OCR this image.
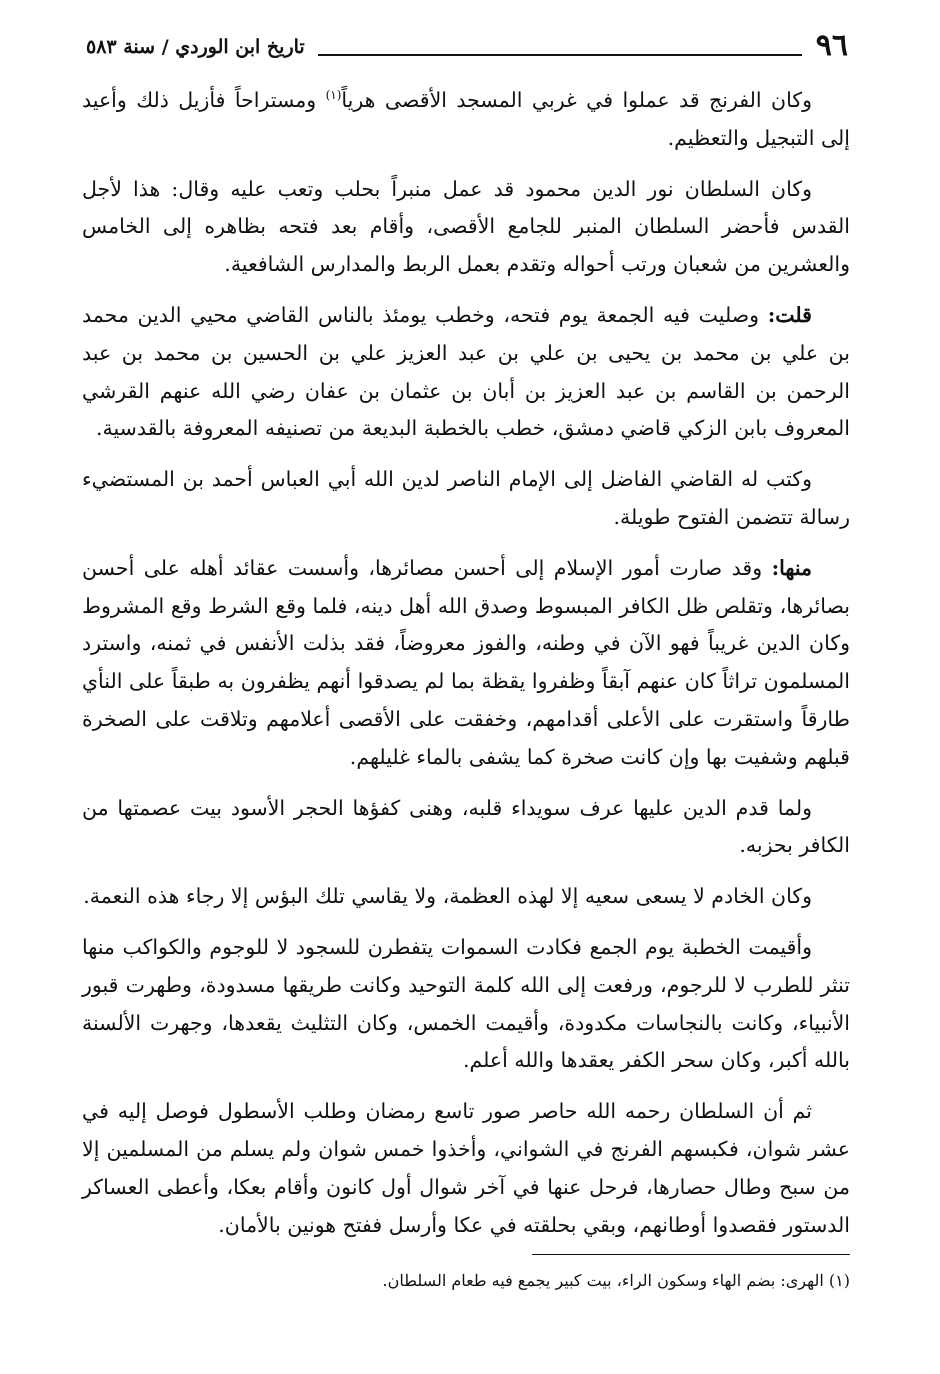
٩٦
تاريخ ابن الوردي / سنة ٥٨٣

وكان الفرنج قد عملوا في غربي المسجد الأقصى هرياً$^{(١)}$ ومستراحاً فأزيل ذلك وأعيد إلى التبجيل والتعظيم.

وكان السلطان نور الدين محمود قد عمل منبراً بحلب وتعب عليه وقال: هذا لأجل القدس فأحضر السلطان المنبر للجامع الأقصى، وأقام بعد فتحه بظاهره إلى الخامس والعشرين من شعبان ورتب أحواله وتقدم بعمل الربط والمدارس الشافعية.

قلت: وصليت فيه الجمعة يوم فتحه، وخطب يومئذ بالناس القاضي محيي الدين محمد بن علي بن محمد بن يحيى بن علي بن عبد العزيز علي بن الحسين بن محمد بن عبد الرحمن بن القاسم بن عبد العزيز بن أبان بن عثمان بن عفان رضي الله عنهم القرشي المعروف بابن الزكي قاضي دمشق، خطب بالخطبة البديعة من تصنيفه المعروفة بالقدسية.

وكتب له القاضي الفاضل إلى الإمام الناصر لدين الله أبي العباس أحمد بن المستضيء رسالة تتضمن الفتوح طويلة.

منها: وقد صارت أمور الإسلام إلى أحسن مصائرها، وأسست عقائد أهله على أحسن بصائرها، وتقلص ظل الكافر المبسوط وصدق الله أهل دينه، فلما وقع الشرط وقع المشروط وكان الدين غريباً فهو الآن في وطنه، والفوز معروضاً، فقد بذلت الأنفس في ثمنه، واسترد المسلمون تراثاً كان عنهم آبقاً وظفروا يقظة بما لم يصدقوا أنهم يظفرون به طبقاً على النأي طارقاً واستقرت على الأعلى أقدامهم، وخفقت على الأقصى أعلامهم وتلاقت على الصخرة قبلهم وشفيت بها وإن كانت صخرة كما يشفى بالماء غليلهم.

ولما قدم الدين عليها عرف سويداء قلبه، وهنى كفؤها الحجر الأسود بيت عصمتها من الكافر بحزبه.

وكان الخادم لا يسعى سعيه إلا لهذه العظمة، ولا يقاسي تلك البؤس إلا رجاء هذه النعمة.

وأقيمت الخطبة يوم الجمع فكادت السموات يتفطرن للسجود لا للوجوم والكواكب منها تنثر للطرب لا للرجوم، ورفعت إلى الله كلمة التوحيد وكانت طريقها مسدودة، وطهرت قبور الأنبياء، وكانت بالنجاسات مكدودة، وأقيمت الخمس، وكان التثليث يقعدها، وجهرت الألسنة بالله أكبر، وكان سحر الكفر يعقدها والله أعلم.

ثم أن السلطان رحمه الله حاصر صور تاسع رمضان وطلب الأسطول فوصل إليه في عشر شوان، فكبسهم الفرنج في الشواني، وأخذوا خمس شوان ولم يسلم من المسلمين إلا من سبح وطال حصارها، فرحل عنها في آخر شوال أول كانون وأقام بعكا، وأعطى العساكر الدستور فقصدوا أوطانهم، وبقي بحلقته في عكا وأرسل ففتح هونين بالأمان.

(١) الهرى: بضم الهاء وسكون الراء، بيت كبير يجمع فيه طعام السلطان.
